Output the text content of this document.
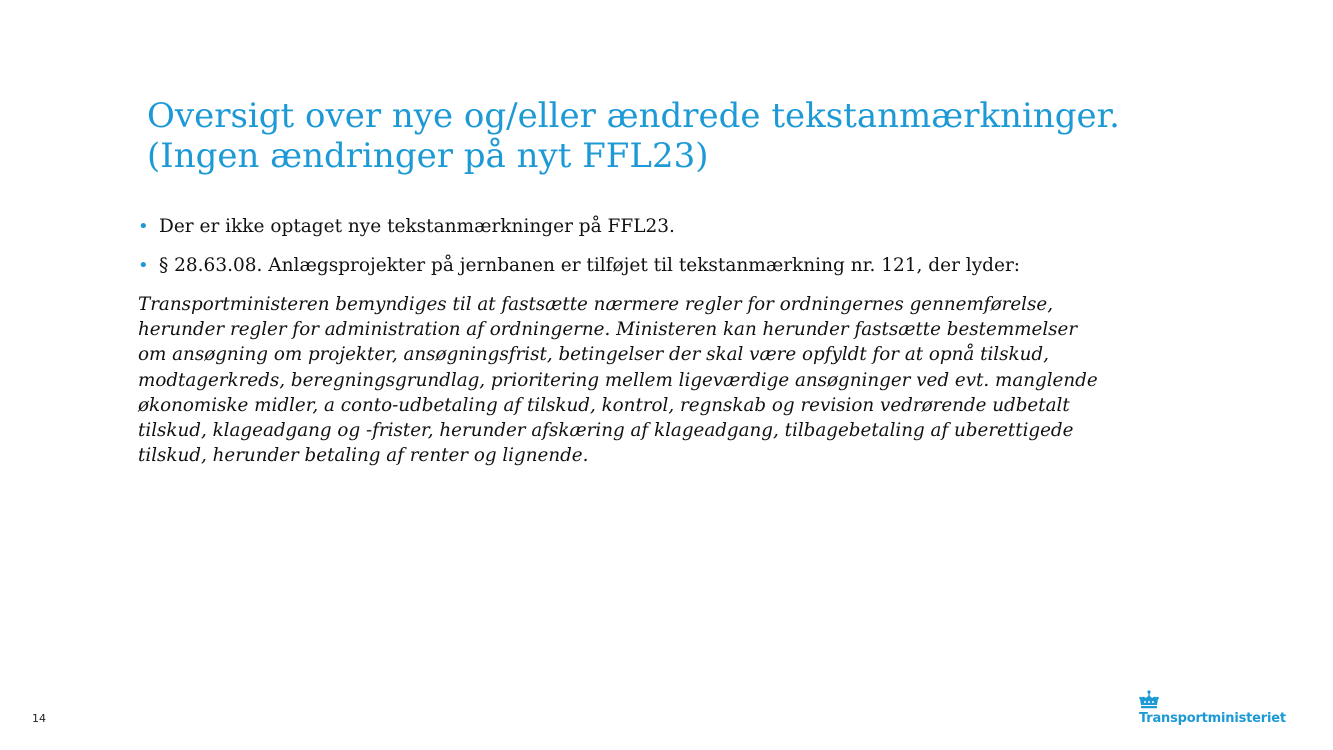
Oversigt over nye og/eller ændrede tekstanmærkninger.
(Ingen ændringer på nyt FFL23)
• Der er ikke optaget nye tekstanmærkninger på FFL23.
• § 28.63.08. Anlægsprojekter på jernbanen er tilføjet til tekstanmærkning nr. 121, der lyder:
Transportministeren bemyndiges til at fastsætte nærmere regler for ordningernes gennemførelse,
herunder regler for administration af ordningerne. Ministeren kan herunder fastsætte bestemmelser
om ansøgning om projekter, ansøgningsfrist, betingelser der skal være opfyldt for at opnå tilskud,
modtagerkreds, beregningsgrundlag, prioritering mellem ligeværdige ansøgninger ved evt. manglende
økonomiske midler, a conto-udbetaling af tilskud, kontrol, regnskab og revision vedrørende udbetalt
tilskud, klageadgang og -frister, herunder afskæring af klageadgang, tilbagebetaling af uberettigede
tilskud, herunder betaling af renter og lignende.
14	Transportministeriet
